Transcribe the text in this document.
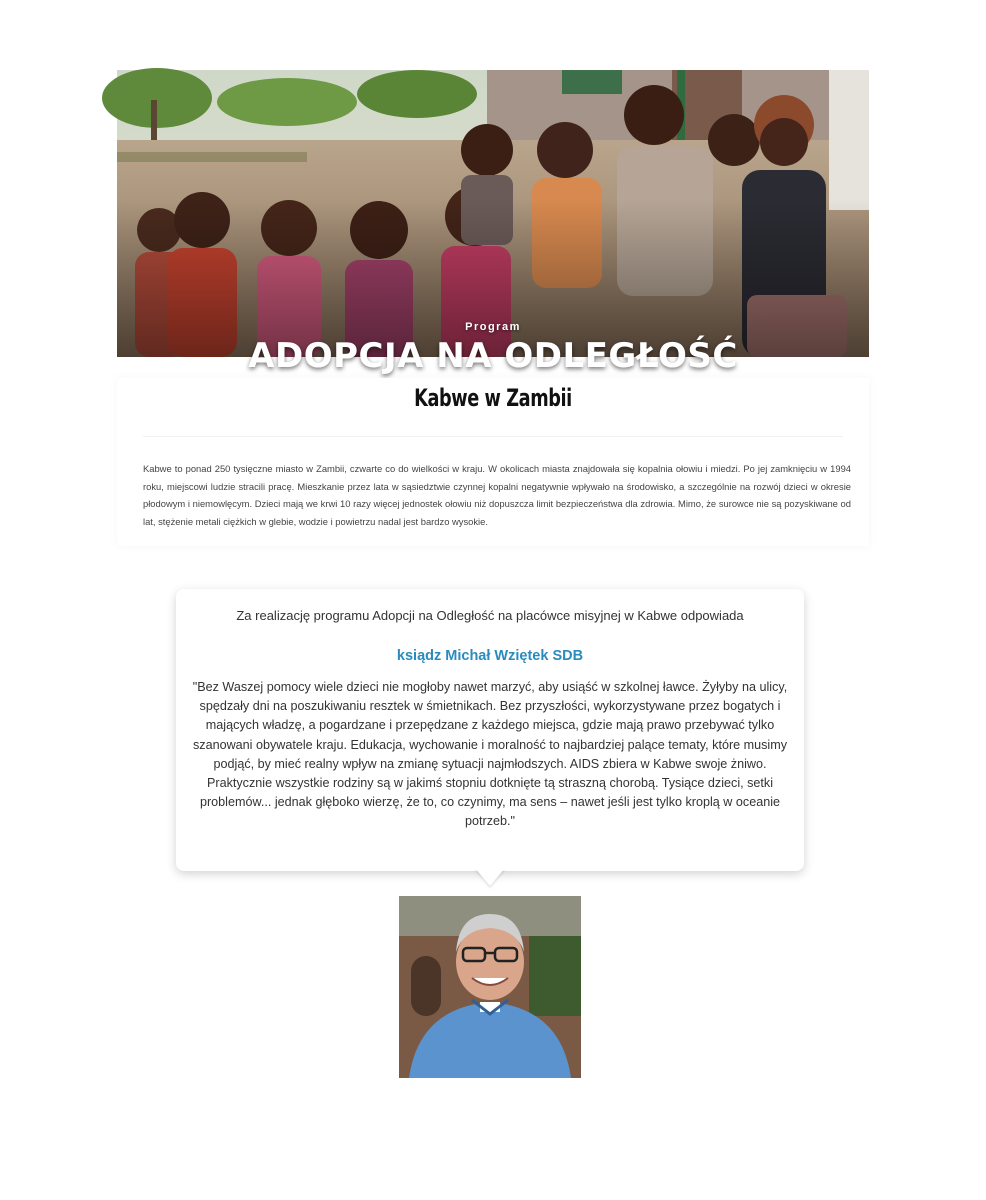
Program
ADOPCJA NA ODLEGŁOŚĆ
Kabwe w Zambii

Kabwe to ponad 250 tysięczne miasto w Zambii, czwarte co do wielkości w kraju. W okolicach miasta znajdowała się kopalnia ołowiu i miedzi. Po jej zamknięciu w 1994 roku, miejscowi ludzie stracili pracę. Mieszkanie przez lata w sąsiedztwie czynnej kopalni negatywnie wpływało na środowisko, a szczególnie na rozwój dzieci w okresie płodowym i niemowlęcym. Dzieci mają we krwi 10 razy więcej jednostek ołowiu niż dopuszcza limit bezpieczeństwa dla zdrowia. Mimo, że surowce nie są pozyskiwane od lat, stężenie metali ciężkich w glebie, wodzie i powietrzu nadal jest bardzo wysokie.

Za realizację programu Adopcji na Odległość na placówce misyjnej w Kabwe odpowiada
ksiądz Michał Wziętek SDB

"Bez Waszej pomocy wiele dzieci nie mogłoby nawet marzyć, aby usiąść w szkolnej ławce. Żyłyby na ulicy, spędzały dni na poszukiwaniu resztek w śmietnikach. Bez przyszłości, wykorzystywane przez bogatych i mających władzę, a pogardzane i przepędzane z każdego miejsca, gdzie mają prawo przebywać tylko szanowani obywatele kraju. Edukacja, wychowanie i moralność to najbardziej palące tematy, które musimy podjąć, by mieć realny wpływ na zmianę sytuacji najmłodszych. AIDS zbiera w Kabwe swoje żniwo. Praktycznie wszystkie rodziny są w jakimś stopniu dotknięte tą straszną chorobą. Tysiące dzieci, setki problemów... jednak głęboko wierzę, że to, co czynimy, ma sens – nawet jeśli jest tylko kroplą w oceanie potrzeb."
